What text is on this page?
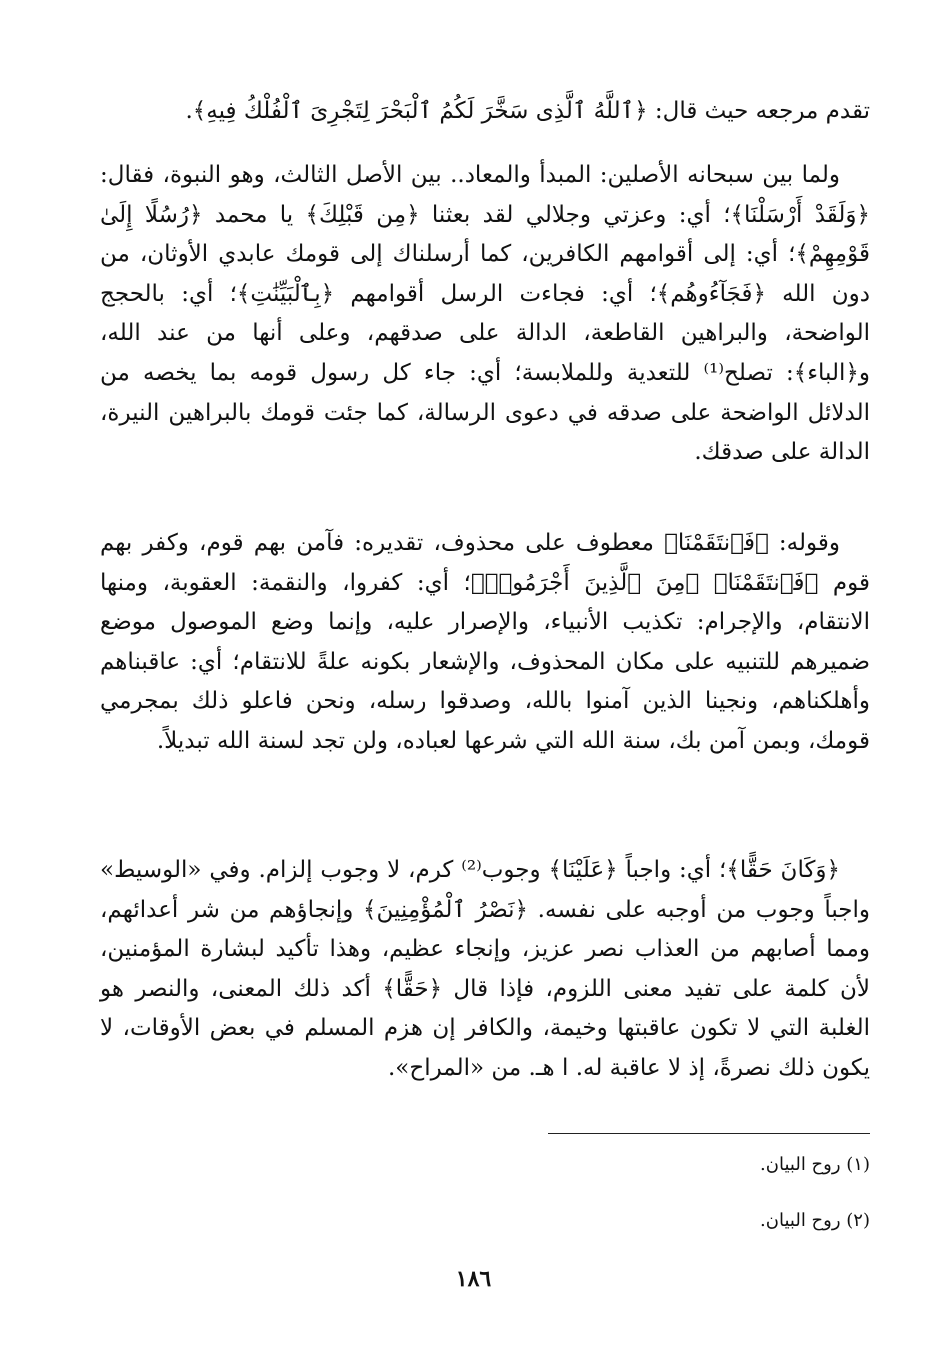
تقدم مرجعه حيث قال: ﴿ٱللَّهُ ٱلَّذِى سَخَّرَ لَكُمُ ٱلْبَحْرَ لِتَجْرِىَ ٱلْفُلْكُ فِيهِ﴾.

ولما بين سبحانه الأصلين: المبدأ والمعاد.. بين الأصل الثالث، وهو النبوة، فقال: ﴿وَلَقَدْ أَرْسَلْنَا﴾؛ أي: وعزتي وجلالي لقد بعثنا ﴿مِن قَبْلِكَ﴾ يا محمد ﴿رُسُلًا إِلَىٰ قَوْمِهِمْ﴾؛ أي: إلى أقوامهم الكافرين، كما أرسلناك إلى قومك عابدي الأوثان، من دون الله ﴿فَجَآءُوهُم﴾؛ أي: فجاءت الرسل أقوامهم ﴿بِٱلْبَيِّنَٰتِ﴾؛ أي: بالحجج الواضحة، والبراهين القاطعة، الدالة على صدقهم، وعلى أنها من عند الله، و﴿الباء﴾: تصلح⁽¹⁾ للتعدية وللملابسة؛ أي: جاء كل رسول قومه بما يخصه من الدلائل الواضحة على صدقه في دعوى الرسالة، كما جئت قومك بالبراهين النيرة، الدالة على صدقك.

وقوله: ﴿فَٱنتَقَمْنَا﴾ معطوف على محذوف، تقديره: فآمن بهم قوم، وكفر بهم قوم ﴿فَٱنتَقَمْنَا﴾ ﴿مِنَ ٱلَّذِينَ أَجْرَمُوا۟﴾؛ أي: كفروا، والنقمة: العقوبة، ومنها الانتقام، والإجرام: تكذيب الأنبياء، والإصرار عليه، وإنما وضع الموصول موضع ضميرهم للتنبيه على مكان المحذوف، والإشعار بكونه علةً للانتقام؛ أي: عاقبناهم وأهلكناهم، ونجينا الذين آمنوا بالله، وصدقوا رسله، ونحن فاعلو ذلك بمجرمي قومك، وبمن آمن بك، سنة الله التي شرعها لعباده، ولن تجد لسنة الله تبديلاً.

﴿وَكَانَ حَقًّا﴾؛ أي: واجباً ﴿عَلَيْنَا﴾ وجوب⁽²⁾ كرم، لا وجوب إلزام. وفي «الوسيط» واجباً وجوب من أوجبه على نفسه. ﴿نَصْرُ ٱلْمُؤْمِنِينَ﴾ وإنجاؤهم من شر أعدائهم، ومما أصابهم من العذاب نصر عزيز، وإنجاء عظيم، وهذا تأكيد لبشارة المؤمنين، لأن كلمة على تفيد معنى اللزوم، فإذا قال ﴿حَقًّا﴾ أكد ذلك المعنى، والنصر هو الغلبة التي لا تكون عاقبتها وخيمة، والكافر إن هزم المسلم في بعض الأوقات، لا يكون ذلك نصرةً، إذ لا عاقبة له. ا هـ. من «المراح».

(١) روح البيان.
(٢) روح البيان.
١٨٦
